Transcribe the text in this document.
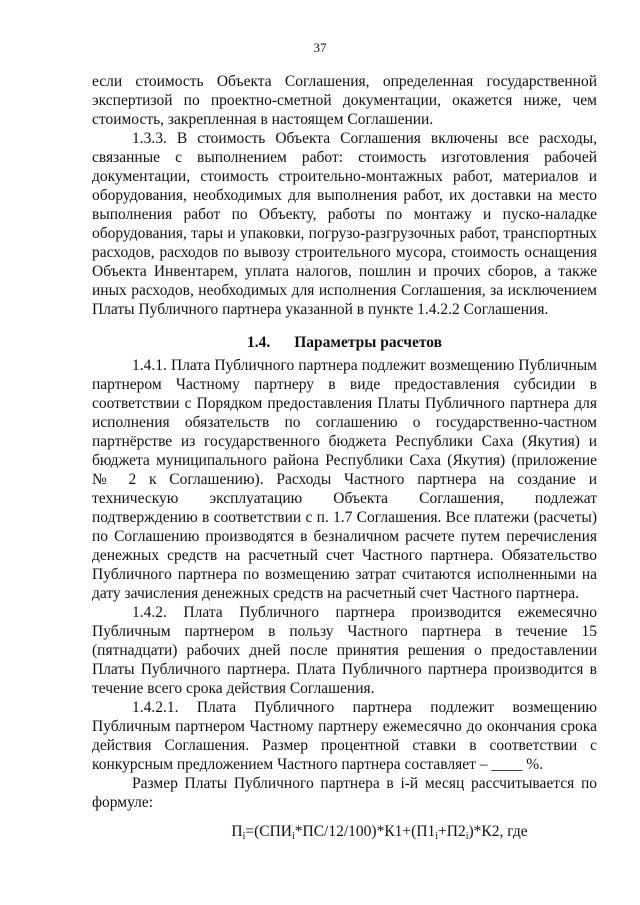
37

если стоимость Объекта Соглашения, определенная государственной экспертизой по проектно-сметной документации, окажется ниже, чем стоимость, закрепленная в настоящем Соглашении.

1.3.3. В стоимость Объекта Соглашения включены все расходы, связанные с выполнением работ: стоимость изготовления рабочей документации, стоимость строительно-монтажных работ, материалов и оборудования, необходимых для выполнения работ, их доставки на место выполнения работ по Объекту, работы по монтажу и пуско-наладке оборудования, тары и упаковки, погрузо-разгрузочных работ, транспортных расходов, расходов по вывозу строительного мусора, стоимость оснащения Объекта Инвентарем, уплата налогов, пошлин и прочих сборов, а также иных расходов, необходимых для исполнения Соглашения, за исключением Платы Публичного партнера указанной в пункте 1.4.2.2 Соглашения.

1.4. Параметры расчетов

1.4.1. Плата Публичного партнера подлежит возмещению Публичным партнером Частному партнеру в виде предоставления субсидии в соответствии с Порядком предоставления Платы Публичного партнера для исполнения обязательств по соглашению о государственно-частном партнёрстве из государственного бюджета Республики Саха (Якутия) и бюджета муниципального района Республики Саха (Якутия) (приложение № 2 к Соглашению). Расходы Частного партнера на создание и техническую эксплуатацию Объекта Соглашения, подлежат подтверждению в соответствии с п. 1.7 Соглашения. Все платежи (расчеты) по Соглашению производятся в безналичном расчете путем перечисления денежных средств на расчетный счет Частного партнера. Обязательство Публичного партнера по возмещению затрат считаются исполненными на дату зачисления денежных средств на расчетный счет Частного партнера.

1.4.2. Плата Публичного партнера производится ежемесячно Публичным партнером в пользу Частного партнера в течение 15 (пятнадцати) рабочих дней после принятия решения о предоставлении Платы Публичного партнера. Плата Публичного партнера производится в течение всего срока действия Соглашения.

1.4.2.1. Плата Публичного партнера подлежит возмещению Публичным партнером Частному партнеру ежемесячно до окончания срока действия Соглашения. Размер процентной ставки в соответствии с конкурсным предложением Частного партнера составляет – ____ %.

Размер Платы Публичного партнера в i-й месяц рассчитывается по формуле:

$П_i=(СПИ_i*ПС/12/100)*К1+(П1_i+П2_i)*К2$, где
